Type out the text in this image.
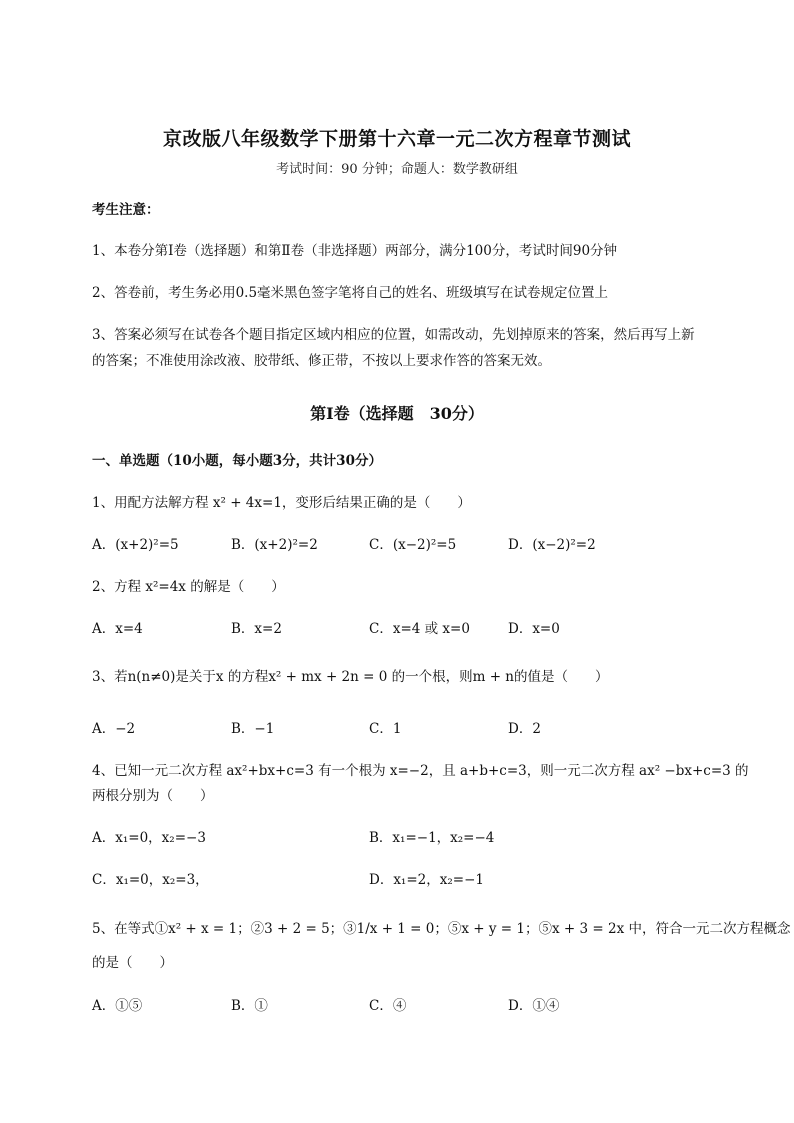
京改版八年级数学下册第十六章一元二次方程章节测试
考试时间：90 分钟；命题人：数学教研组
考生注意：
1、本卷分第Ⅰ卷（选择题）和第Ⅱ卷（非选择题）两部分，满分100分，考试时间90分钟
2、答卷前，考生务必用0.5毫米黑色签字笔将自己的姓名、班级填写在试卷规定位置上
3、答案必须写在试卷各个题目指定区域内相应的位置，如需改动，先划掉原来的答案，然后再写上新
的答案；不准使用涂改液、胶带纸、修正带，不按以上要求作答的答案无效。
第Ⅰ卷（选择题　30分）
一、单选题（10小题，每小题3分，共计30分）
1、用配方法解方程 x² + 4x=1，变形后结果正确的是（　　）
A．(x+2)²=5	B．(x+2)²=2	C．(x−2)²=5	D．(x−2)²=2
2、方程 x²=4x 的解是（　　）
A．x=4	B．x=2	C．x=4 或 x=0	D．x=0
3、若n(n≠0)是关于x 的方程x² + mx + 2n = 0 的一个根，则m + n的值是（　　）
A．−2	B．−1	C．1	D．2
4、已知一元二次方程 ax²+bx+c=3 有一个根为 x=−2，且 a+b+c=3，则一元二次方程 ax² −bx+c=3 的
两根分别为（　　）
A．x₁=0，x₂=−3	B．x₁=−1，x₂=−4
C．x₁=0，x₂=3，	D．x₁=2，x₂=−1
5、在等式①x² + x = 1；②3 + 2 = 5；③1/x + 1 = 0；⑤x + y = 1；⑤x + 3 = 2x 中，符合一元二次方程概念
的是（　　）
A．①⑤	B．①	C．④	D．①④
